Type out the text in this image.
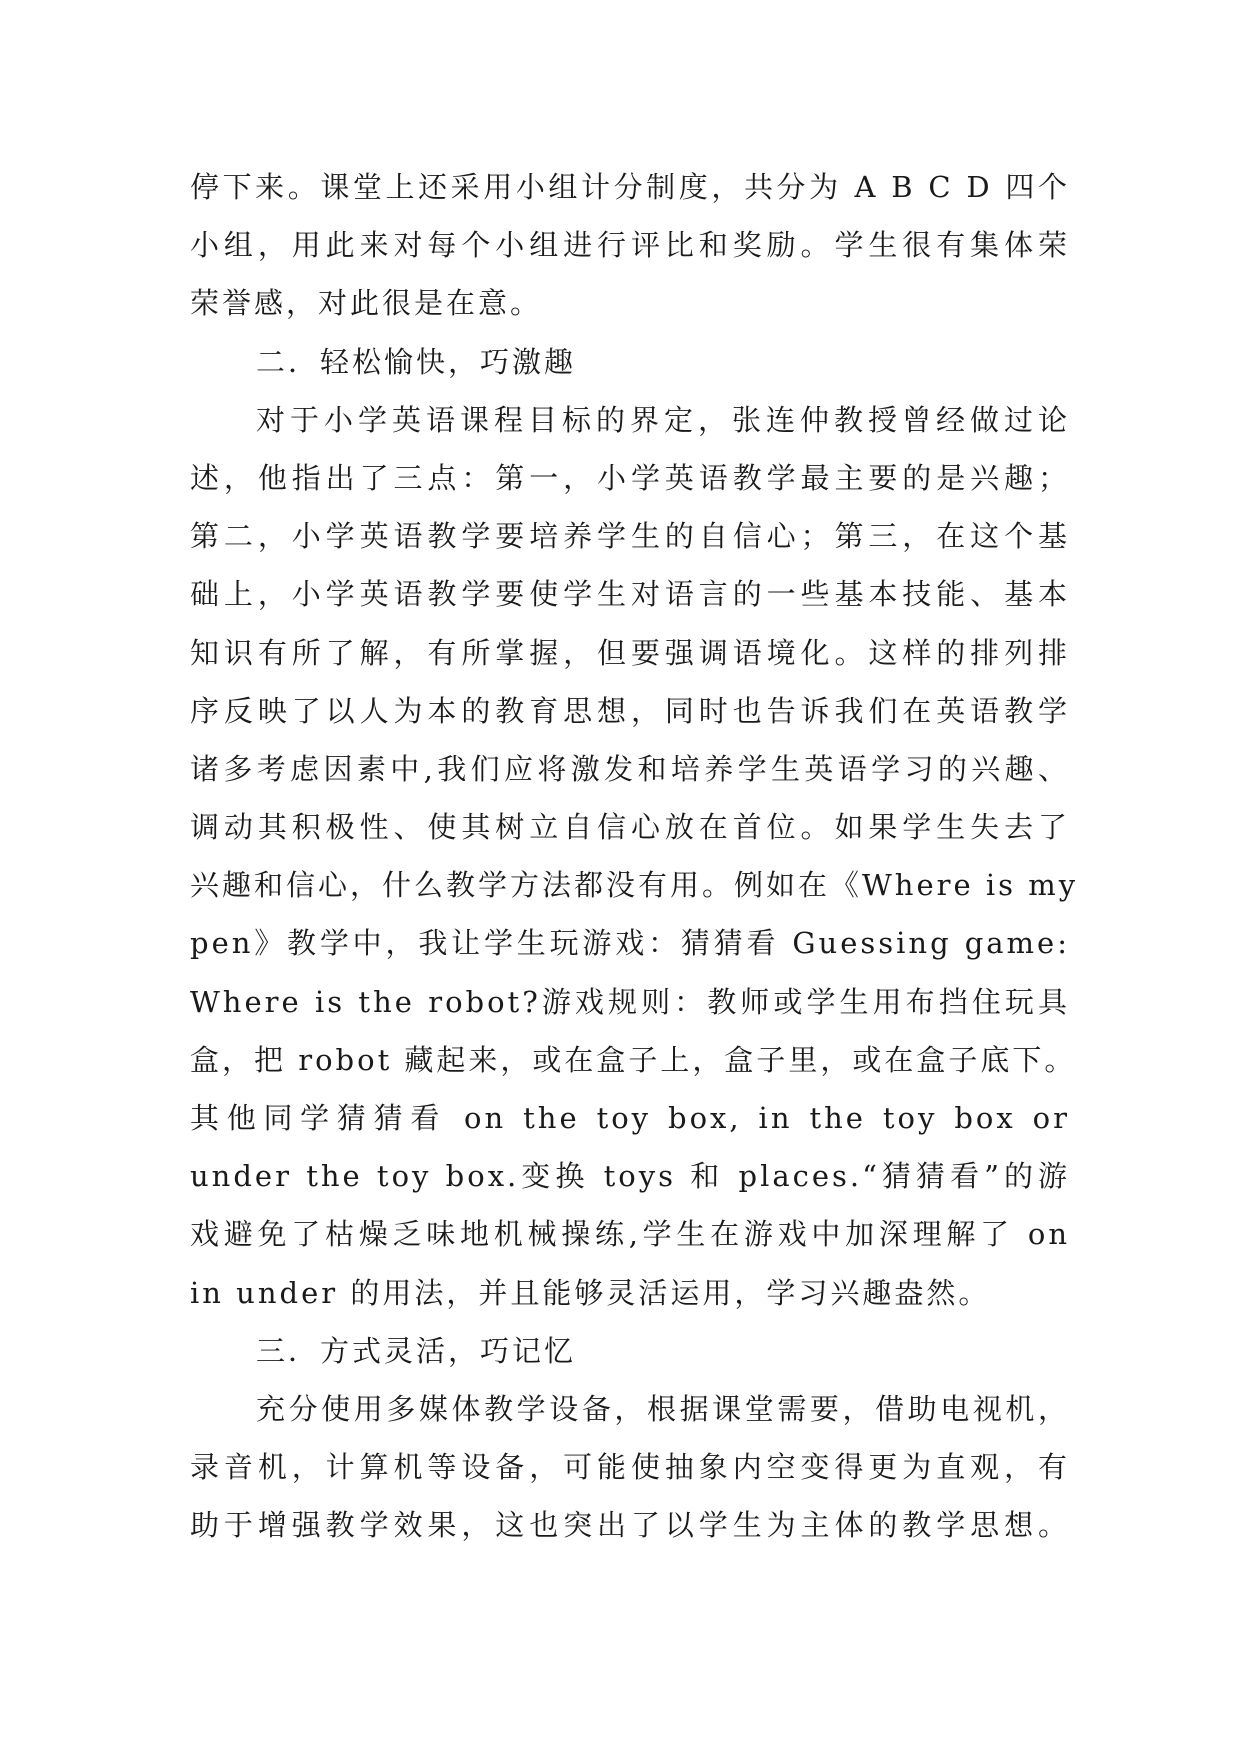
停下来。课堂上还采用小组计分制度，共分为 A B C D 四个
小组，用此来对每个小组进行评比和奖励。学生很有集体荣
荣誉感，对此很是在意。
二．轻松愉快，巧激趣
对于小学英语课程目标的界定，张连仲教授曾经做过论
述，他指出了三点：第一，小学英语教学最主要的是兴趣；
第二，小学英语教学要培养学生的自信心；第三，在这个基
础上，小学英语教学要使学生对语言的一些基本技能、基本
知识有所了解，有所掌握，但要强调语境化。这样的排列排
序反映了以人为本的教育思想，同时也告诉我们在英语教学
诸多考虑因素中,我们应将激发和培养学生英语学习的兴趣、
调动其积极性、使其树立自信心放在首位。如果学生失去了
兴趣和信心，什么教学方法都没有用。例如在《Where is my
pen》教学中，我让学生玩游戏：猜猜看 Guessing game:
Where is the robot?游戏规则：教师或学生用布挡住玩具
盒，把 robot 藏起来，或在盒子上，盒子里，或在盒子底下。
其他同学猜猜看 on the toy box, in the toy box or
under the toy box.变换 toys 和 places.“猜猜看”的游
戏避免了枯燥乏味地机械操练,学生在游戏中加深理解了 on
in under 的用法，并且能够灵活运用，学习兴趣盎然。
三．方式灵活，巧记忆
充分使用多媒体教学设备，根据课堂需要，借助电视机，
录音机，计算机等设备，可能使抽象内空变得更为直观，有
助于增强教学效果，这也突出了以学生为主体的教学思想。
